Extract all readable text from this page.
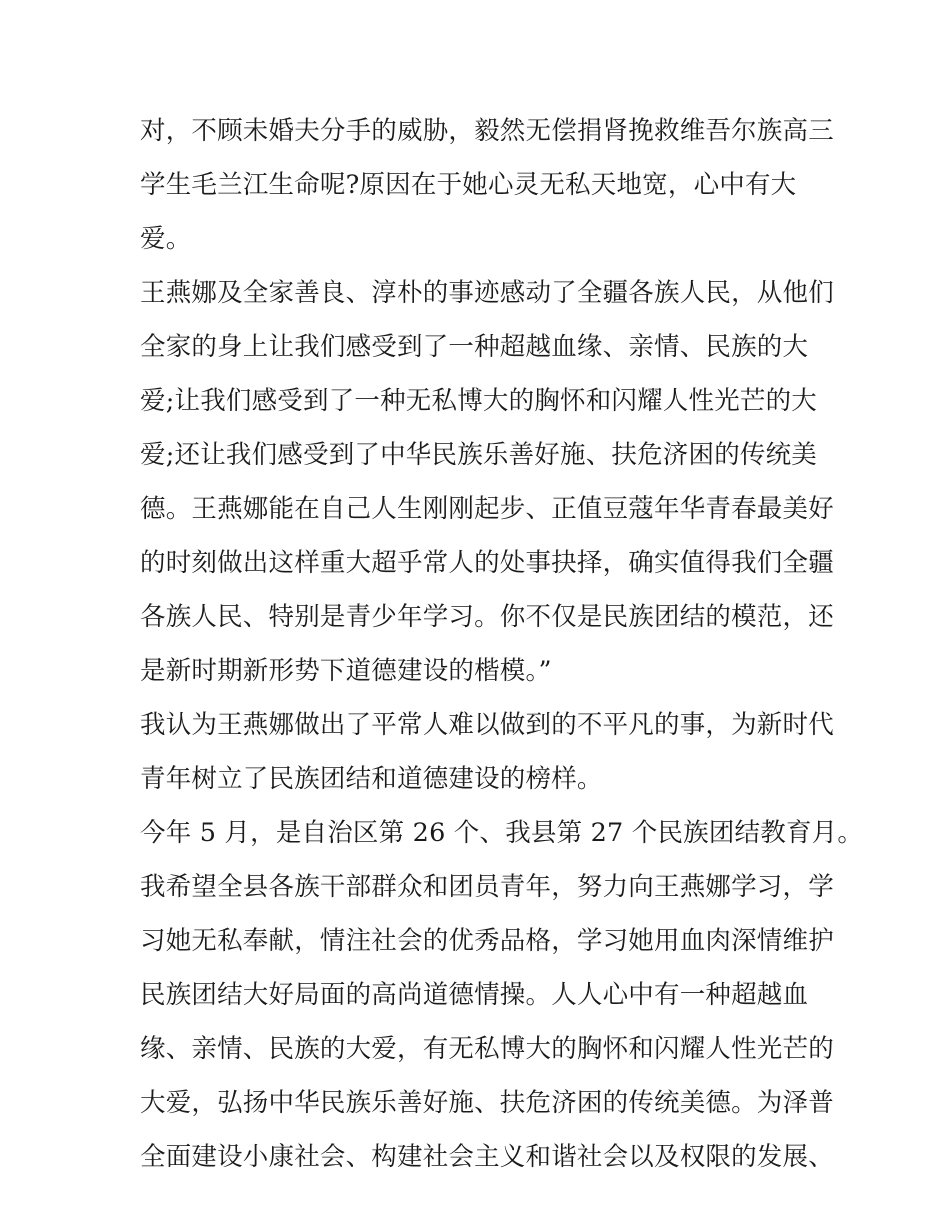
对，不顾未婚夫分手的威胁，毅然无偿捐肾挽救维吾尔族高三
学生毛兰江生命呢?原因在于她心灵无私天地宽，心中有大
爱。
王燕娜及全家善良、淳朴的事迹感动了全疆各族人民，从他们
全家的身上让我们感受到了一种超越血缘、亲情、民族的大
爱;让我们感受到了一种无私博大的胸怀和闪耀人性光芒的大
爱;还让我们感受到了中华民族乐善好施、扶危济困的传统美
德。王燕娜能在自己人生刚刚起步、正值豆蔻年华青春最美好
的时刻做出这样重大超乎常人的处事抉择，确实值得我们全疆
各族人民、特别是青少年学习。你不仅是民族团结的模范，还
是新时期新形势下道德建设的楷模。”
我认为王燕娜做出了平常人难以做到的不平凡的事，为新时代
青年树立了民族团结和道德建设的榜样。
今年 5 月，是自治区第 26 个、我县第 27 个民族团结教育月。
我希望全县各族干部群众和团员青年，努力向王燕娜学习，学
习她无私奉献，情注社会的优秀品格，学习她用血肉深情维护
民族团结大好局面的高尚道德情操。人人心中有一种超越血
缘、亲情、民族的大爱，有无私博大的胸怀和闪耀人性光芒的
大爱，弘扬中华民族乐善好施、扶危济困的传统美德。为泽普
全面建设小康社会、构建社会主义和谐社会以及权限的发展、
